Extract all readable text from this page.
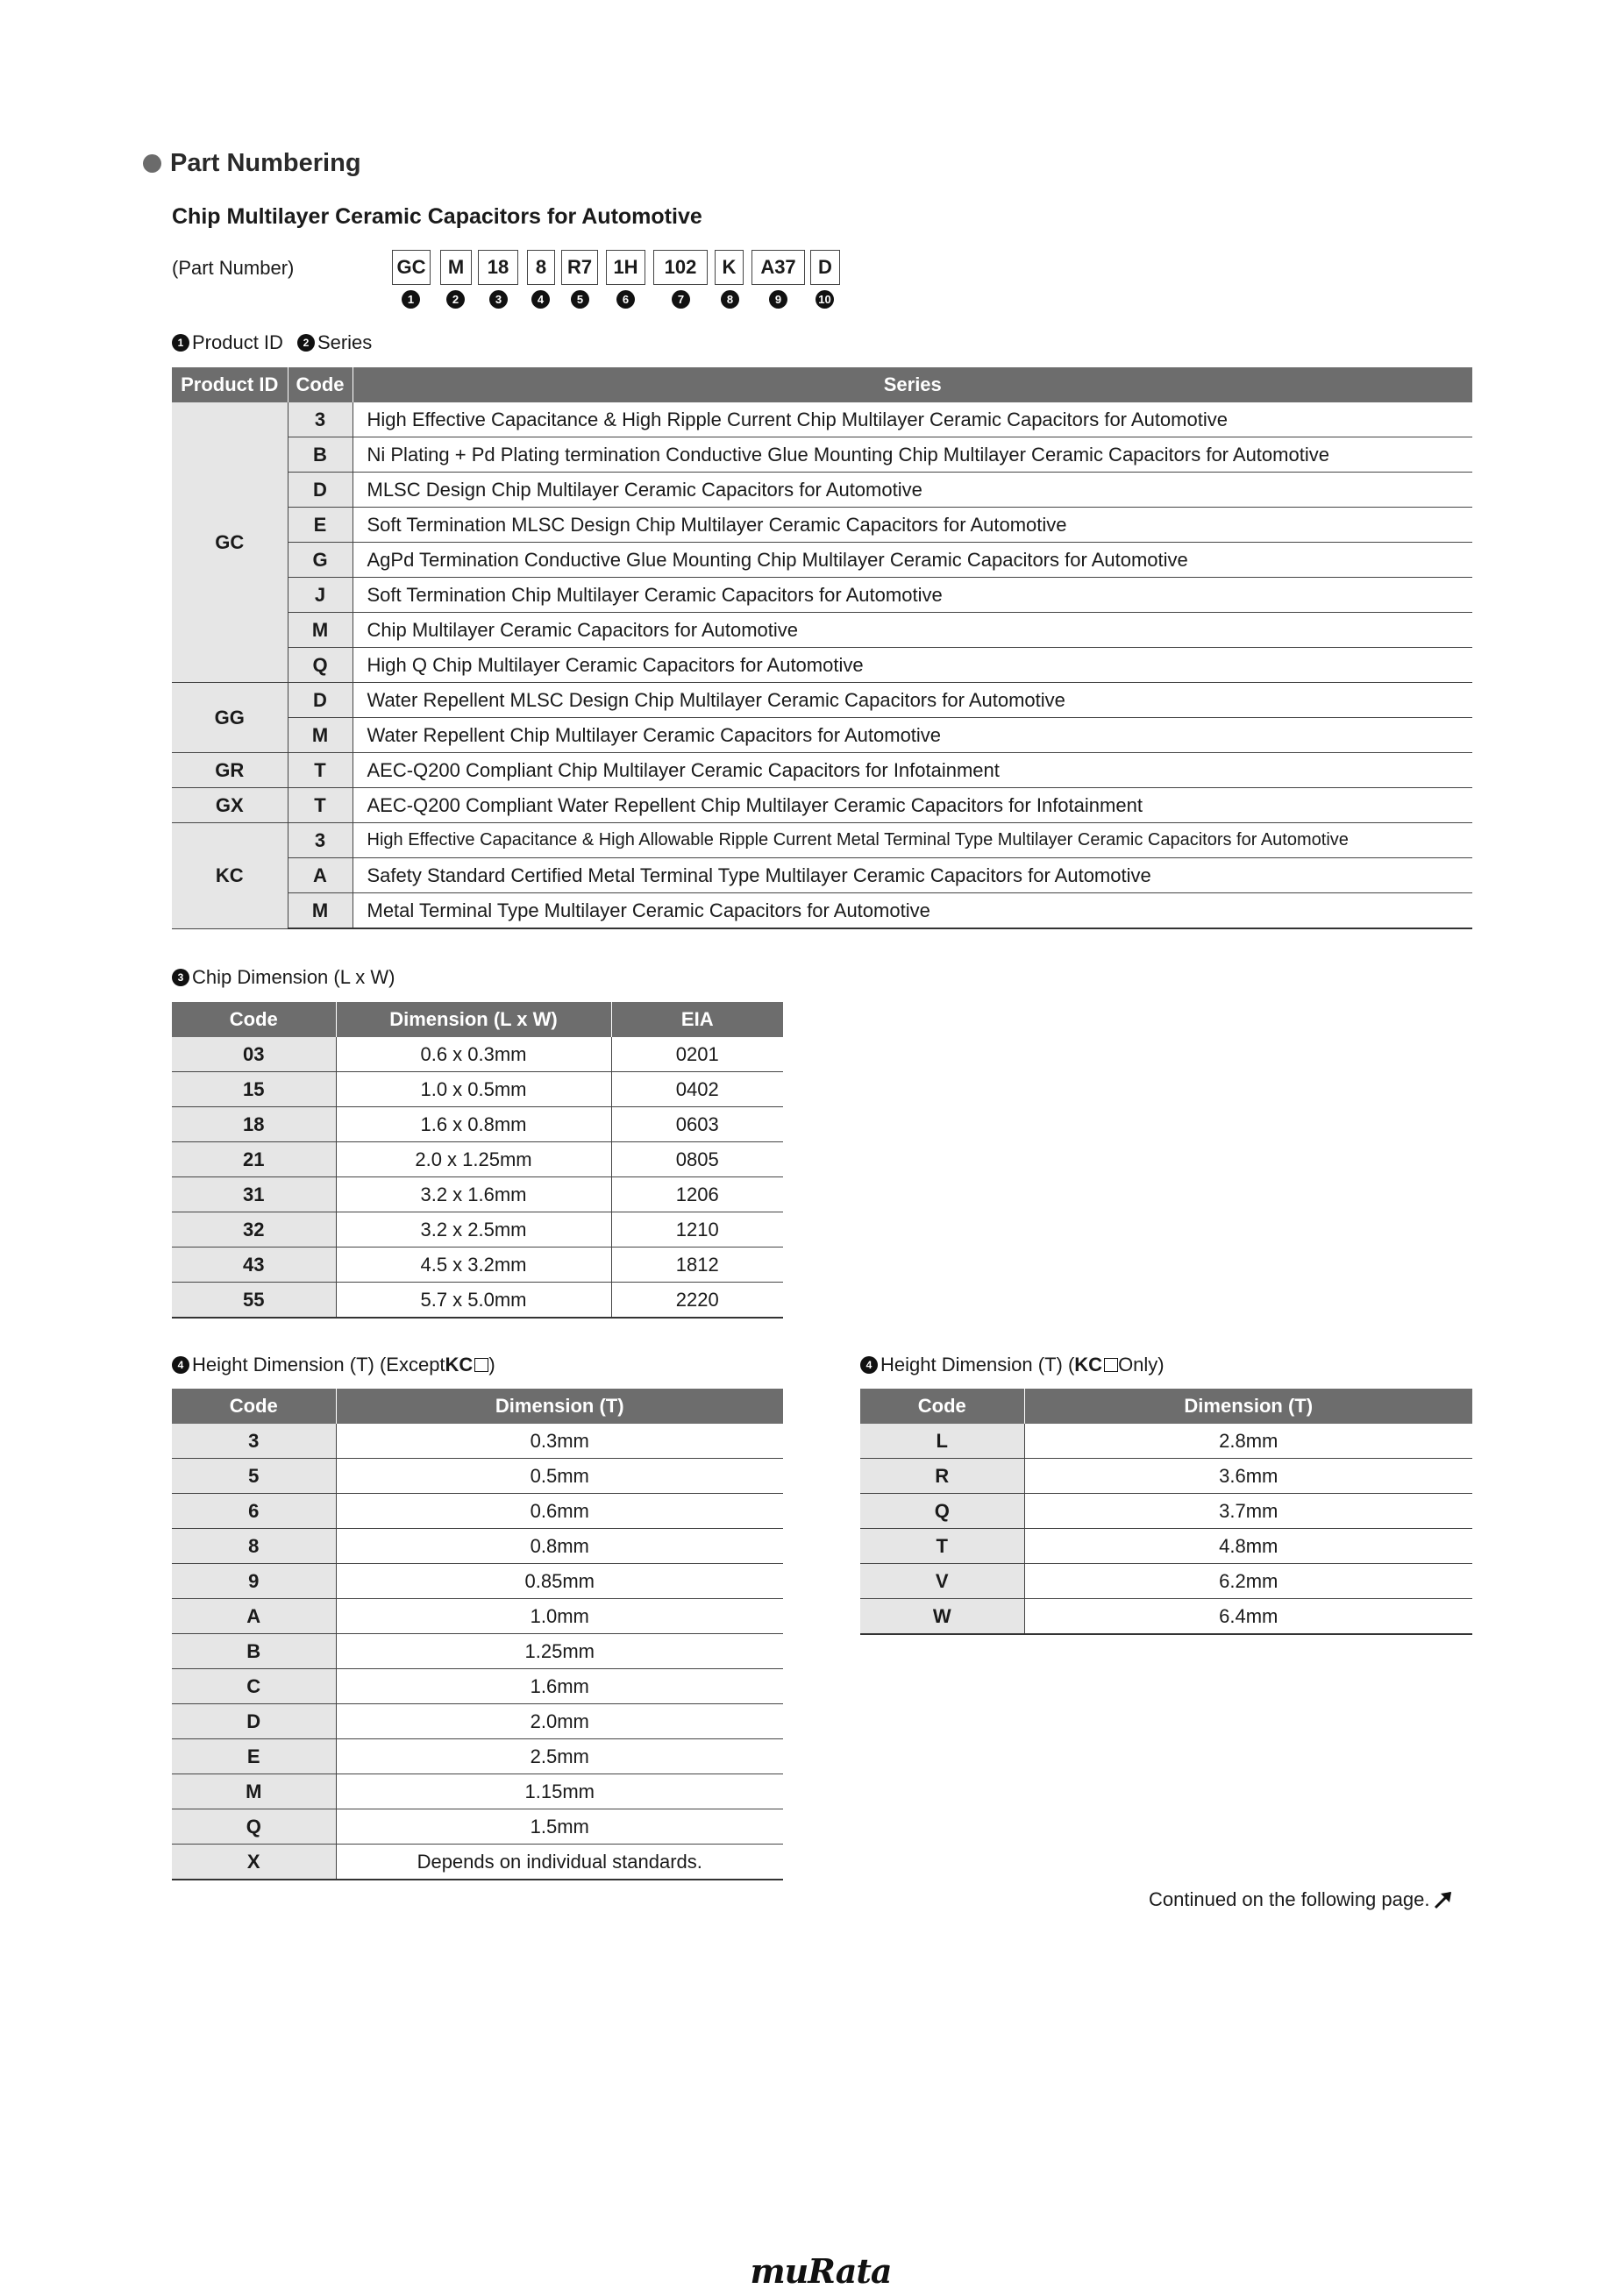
Part Numbering
Chip Multilayer Ceramic Capacitors for Automotive
(Part Number)	GC	M	18	8	R7	1H	102	K	A37	D
1	2	3	4	5	6	7	8	9	10
1 Product ID	2 Series
Product ID	Code	Series
GC	3	High Effective Capacitance & High Ripple Current Chip Multilayer Ceramic Capacitors for Automotive
	B	Ni Plating + Pd Plating termination Conductive Glue Mounting Chip Multilayer Ceramic Capacitors for Automotive
	D	MLSC Design Chip Multilayer Ceramic Capacitors for Automotive
	E	Soft Termination MLSC Design Chip Multilayer Ceramic Capacitors for Automotive
	G	AgPd Termination Conductive Glue Mounting Chip Multilayer Ceramic Capacitors for Automotive
	J	Soft Termination Chip Multilayer Ceramic Capacitors for Automotive
	M	Chip Multilayer Ceramic Capacitors for Automotive
	Q	High Q Chip Multilayer Ceramic Capacitors for Automotive
GG	D	Water Repellent MLSC Design Chip Multilayer Ceramic Capacitors for Automotive
	M	Water Repellent Chip Multilayer Ceramic Capacitors for Automotive
GR	T	AEC-Q200 Compliant Chip Multilayer Ceramic Capacitors for Infotainment
GX	T	AEC-Q200 Compliant Water Repellent Chip Multilayer Ceramic Capacitors for Infotainment
KC	3	High Effective Capacitance & High Allowable Ripple Current Metal Terminal Type Multilayer Ceramic Capacitors for Automotive
	A	Safety Standard Certified Metal Terminal Type Multilayer Ceramic Capacitors for Automotive
	M	Metal Terminal Type Multilayer Ceramic Capacitors for Automotive
3 Chip Dimension (L x W)
Code	Dimension (L x W)	EIA
03	0.6 x 0.3mm	0201
15	1.0 x 0.5mm	0402
18	1.6 x 0.8mm	0603
21	2.0 x 1.25mm	0805
31	3.2 x 1.6mm	1206
32	3.2 x 2.5mm	1210
43	4.5 x 3.2mm	1812
55	5.7 x 5.0mm	2220
4 Height Dimension (T) (Except KC )
Code	Dimension (T)
3	0.3mm
5	0.5mm
6	0.6mm
8	0.8mm
9	0.85mm
A	1.0mm
B	1.25mm
C	1.6mm
D	2.0mm
E	2.5mm
M	1.15mm
Q	1.5mm
X	Depends on individual standards.
4 Height Dimension (T) ( KC Only)
Code	Dimension (T)
L	2.8mm
R	3.6mm
Q	3.7mm
T	4.8mm
V	6.2mm
W	6.4mm
Continued on the following page.
muRata
